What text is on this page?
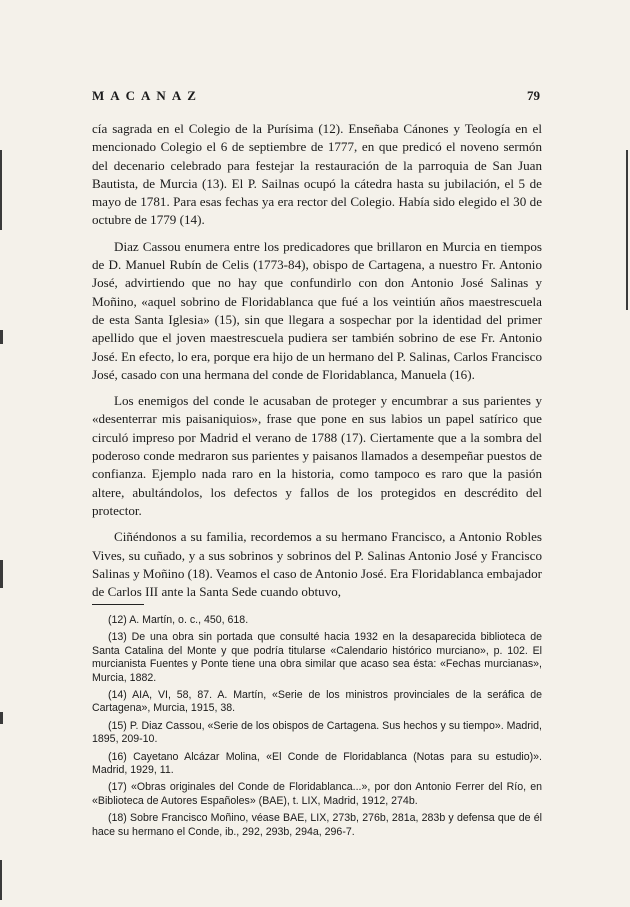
MACANAZ	79

cía sagrada en el Colegio de la Purísima (12). Enseñaba Cánones y Teología en el mencionado Colegio el 6 de septiembre de 1777, en que predicó el noveno sermón del decenario celebrado para festejar la restauración de la parroquia de San Juan Bautista, de Murcia (13). El P. Sailnas ocupó la cátedra hasta su jubilación, el 5 de mayo de 1781. Para esas fechas ya era rector del Colegio. Había sido elegido el 30 de octubre de 1779 (14).

Diaz Cassou enumera entre los predicadores que brillaron en Murcia en tiempos de D. Manuel Rubín de Celis (1773-84), obispo de Cartagena, a nuestro Fr. Antonio José, advirtiendo que no hay que confundirlo con don Antonio José Salinas y Moñino, «aquel sobrino de Floridablanca que fué a los veintiún años maestrescuela de esta Santa Iglesia» (15), sin que llegara a sospechar por la identidad del primer apellido que el joven maestrescuela pudiera ser también sobrino de ese Fr. Antonio José. En efecto, lo era, porque era hijo de un hermano del P. Salinas, Carlos Francisco José, casado con una hermana del conde de Floridablanca, Manuela (16).

Los enemigos del conde le acusaban de proteger y encumbrar a sus parientes y «desenterrar mis paisaniquios», frase que pone en sus labios un papel satírico que circuló impreso por Madrid el verano de 1788 (17). Ciertamente que a la sombra del poderoso conde medraron sus parientes y paisanos llamados a desempeñar puestos de confianza. Ejemplo nada raro en la historia, como tampoco es raro que la pasión altere, abultándolos, los defectos y fallos de los protegidos en descrédito del protector.

Ciñéndonos a su familia, recordemos a su hermano Francisco, a Antonio Robles Vives, su cuñado, y a sus sobrinos y sobrinos del P. Salinas Antonio José y Francisco Salinas y Moñino (18). Veamos el caso de Antonio José. Era Floridablanca embajador de Carlos III ante la Santa Sede cuando obtuvo,

(12) A. Martín, o. c., 450, 618.

(13) De una obra sin portada que consulté hacia 1932 en la desaparecida biblioteca de Santa Catalina del Monte y que podría titularse «Calendario histórico murciano», p. 102. El murcianista Fuentes y Ponte tiene una obra similar que acaso sea ésta: «Fechas murcianas», Murcia, 1882.

(14) AIA, VI, 58, 87. A. Martín, «Serie de los ministros provinciales de la seráfica de Cartagena», Murcia, 1915, 38.

(15) P. Diaz Cassou, «Serie de los obispos de Cartagena. Sus hechos y su tiempo». Madrid, 1895, 209-10.

(16) Cayetano Alcázar Molina, «El Conde de Floridablanca (Notas para su estudio)». Madrid, 1929, 11.

(17) «Obras originales del Conde de Floridablanca...», por don Antonio Ferrer del Río, en «Biblioteca de Autores Españoles» (BAE), t. LIX, Madrid, 1912, 274b.

(18) Sobre Francisco Moñino, véase BAE, LIX, 273b, 276b, 281a, 283b y defensa que de él hace su hermano el Conde, ib., 292, 293b, 294a, 296-7.
